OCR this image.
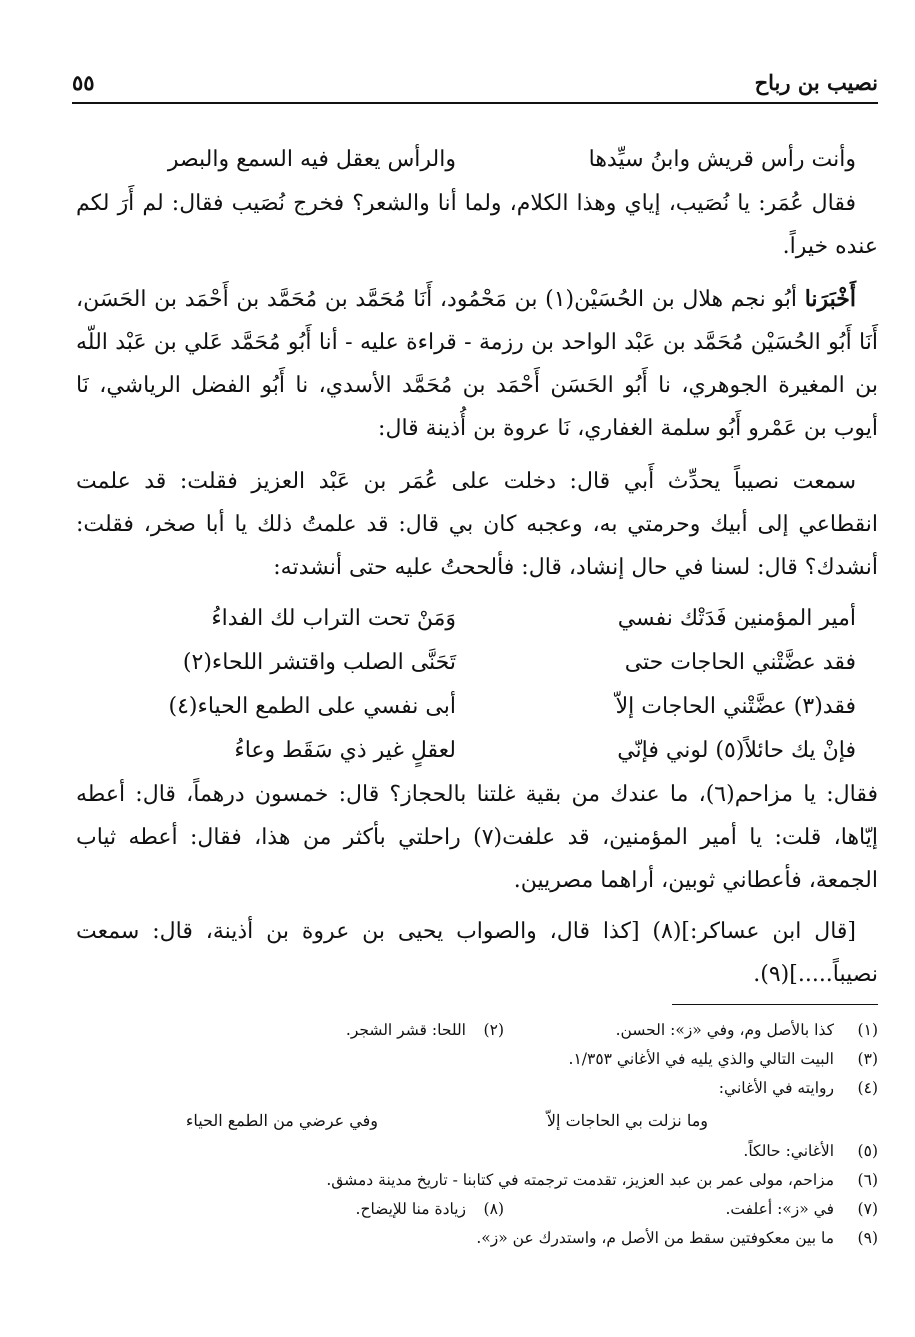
نصيب بن رباح
٥٥
وأنت رأس قريش وابنُ سيِّدها
والرأس يعقل فيه السمع والبصر

فقال عُمَر: يا نُصَيب، إياي وهذا الكلام، ولما أنا والشعر؟ فخرج نُصَيب فقال: لم أَرَ لكم عنده خيراً.

أَخْبَرَنا أبُو نجم هلال بن الحُسَيْن(١) بن مَحْمُود، أَنَا مُحَمَّد بن مُحَمَّد بن أَحْمَد بن الحَسَن، أَنَا أَبُو الحُسَيْن مُحَمَّد بن عَبْد الواحد بن رزمة - قراءة عليه - أنا أَبُو مُحَمَّد عَلي بن عَبْد اللّه بن المغيرة الجوهري، نا أَبُو الحَسَن أَحْمَد بن مُحَمَّد الأسدي، نا أَبُو الفضل الرياشي، نَا أيوب بن عَمْرو أَبُو سلمة الغفاري، نَا عروة بن أُذينة قال:

سمعت نصيباً يحدِّث أَبي قال: دخلت على عُمَر بن عَبْد العزيز فقلت: قد علمت انقطاعي إلى أبيك وحرمتي به، وعجبه كان بي قال: قد علمتُ ذلك يا أبا صخر، فقلت: أنشدك؟ قال: لسنا في حال إنشاد، قال: فألححتُ عليه حتى أنشدته:

أمير المؤمنين فَدَتْك نفسي
وَمَنْ تحت التراب لك الفداءُ
فقد عضَّتْني الحاجات حتى
تَحَنَّى الصلب واقتشر اللحاء(٢)
فقد(٣) عضَّتْني الحاجات إلاّ
أبى نفسي على الطمع الحياء(٤)
فإنْ يك حائلاً(٥) لوني فإنّي
لعقلٍ غير ذي سَقَط وعاءُ

فقال: يا مزاحم(٦)، ما عندك من بقية غلتنا بالحجاز؟ قال: خمسون درهماً، قال: أعطه إيّاها، قلت: يا أمير المؤمنين، قد علفت(٧) راحلتي بأكثر من هذا، فقال: أعطه ثياب الجمعة، فأعطاني ثوبين، أراهما مصريين.

[قال ابن عساكر:](٨) [كذا قال، والصواب يحيى بن عروة بن أذينة، قال: سمعت نصيباً.....](٩).

(١)
كذا بالأصل وم، وفي «ز»: الحسن.
(٢)
اللحا: قشر الشجر.
(٣)
البيت التالي والذي يليه في الأغاني ١/٣٥٣.
(٤)
روايته في الأغاني:
وما نزلت بي الحاجات إلاّ
وفي عرضي من الطمع الحياء
(٥)
الأغاني: حالكاً.
(٦)
مزاحم، مولى عمر بن عبد العزيز، تقدمت ترجمته في كتابنا - تاريخ مدينة دمشق.
(٧)
في «ز»: أعلفت.
(٨)
زيادة منا للإيضاح.
(٩)
ما بين معكوفتين سقط من الأصل م، واستدرك عن «ز».
